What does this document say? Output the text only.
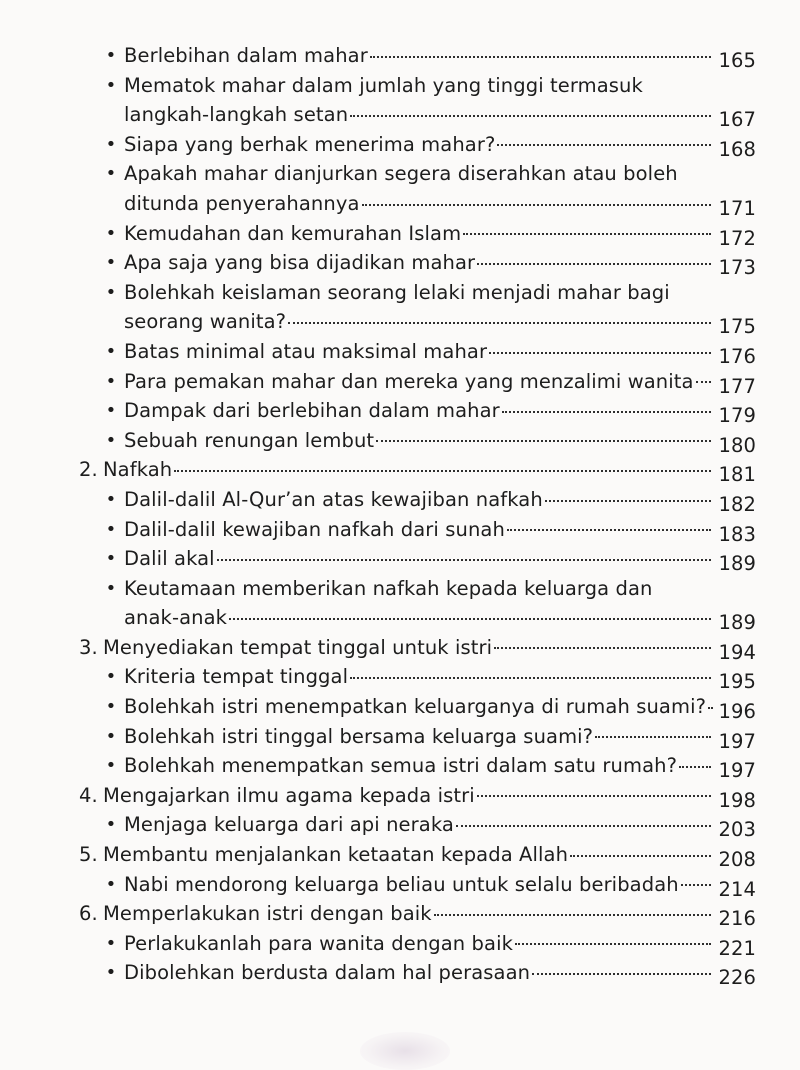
• Berlebihan dalam mahar	165
• Mematok mahar dalam jumlah yang tinggi termasuk
langkah-langkah setan	167
• Siapa yang berhak menerima mahar?	168
• Apakah mahar dianjurkan segera diserahkan atau boleh
ditunda penyerahannya	171
• Kemudahan dan kemurahan Islam	172
• Apa saja yang bisa dijadikan mahar	173
• Bolehkah keislaman seorang lelaki menjadi mahar bagi
seorang wanita?	175
• Batas minimal atau maksimal mahar	176
• Para pemakan mahar dan mereka yang menzalimi wanita 177
• Dampak dari berlebihan dalam mahar	179
• Sebuah renungan lembut	180
2. Nafkah	181
• Dalil-dalil Al-Qur’an atas kewajiban nafkah	182
• Dalil-dalil kewajiban nafkah dari sunah	183
• Dalil akal	189
• Keutamaan memberikan nafkah kepada keluarga dan
anak-anak	189
3. Menyediakan tempat tinggal untuk istri	194
• Kriteria tempat tinggal	195
• Bolehkah istri menempatkan keluarganya di rumah suami? 196
• Bolehkah istri tinggal bersama keluarga suami?	197
• Bolehkah menempatkan semua istri dalam satu rumah? 197
4. Mengajarkan ilmu agama kepada istri	198
• Menjaga keluarga dari api neraka	203
5. Membantu menjalankan ketaatan kepada Allah	208
• Nabi mendorong keluarga beliau untuk selalu beribadah 214
6. Memperlakukan istri dengan baik	216
• Perlakukanlah para wanita dengan baik	221
• Dibolehkan berdusta dalam hal perasaan	226
